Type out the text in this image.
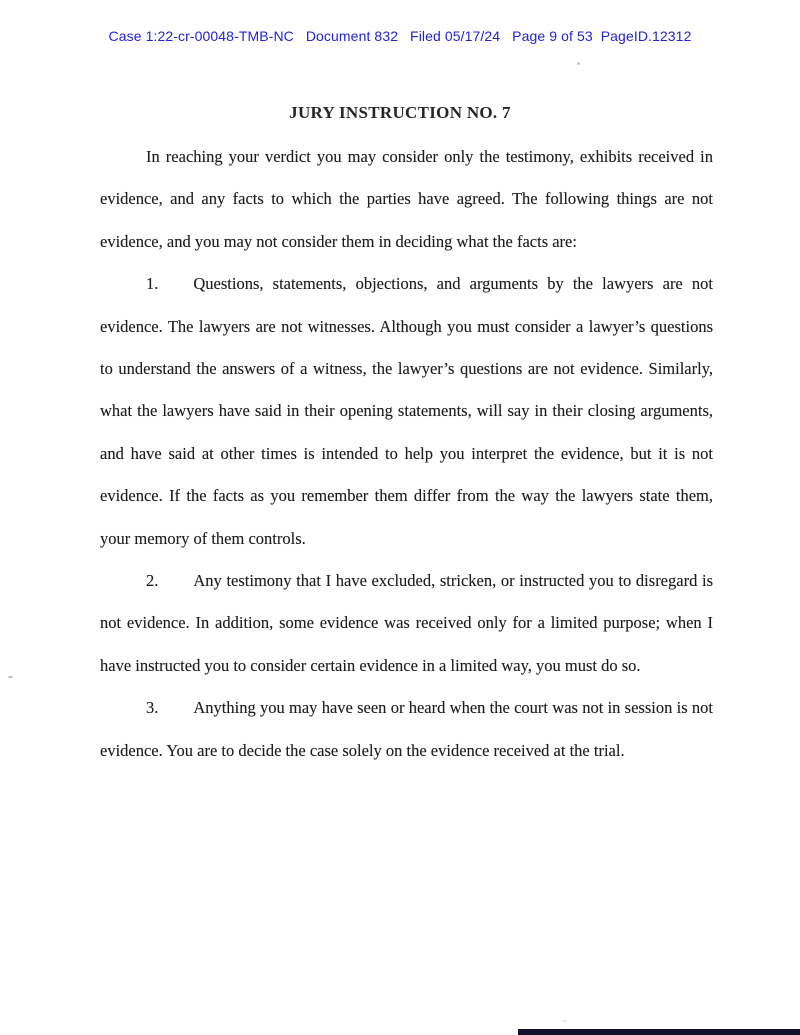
Case 1:22-cr-00048-TMB-NC   Document 832   Filed 05/17/24   Page 9 of 53  PageID.12312
JURY INSTRUCTION NO. 7

In reaching your verdict you may consider only the testimony, exhibits received in evidence, and any facts to which the parties have agreed. The following things are not evidence, and you may not consider them in deciding what the facts are:

1. Questions, statements, objections, and arguments by the lawyers are not evidence. The lawyers are not witnesses. Although you must consider a lawyer’s questions to understand the answers of a witness, the lawyer’s questions are not evidence. Similarly, what the lawyers have said in their opening statements, will say in their closing arguments, and have said at other times is intended to help you interpret the evidence, but it is not evidence. If the facts as you remember them differ from the way the lawyers state them, your memory of them controls.

2. Any testimony that I have excluded, stricken, or instructed you to disregard is not evidence. In addition, some evidence was received only for a limited purpose; when I have instructed you to consider certain evidence in a limited way, you must do so.

3. Anything you may have seen or heard when the court was not in session is not evidence. You are to decide the case solely on the evidence received at the trial.
